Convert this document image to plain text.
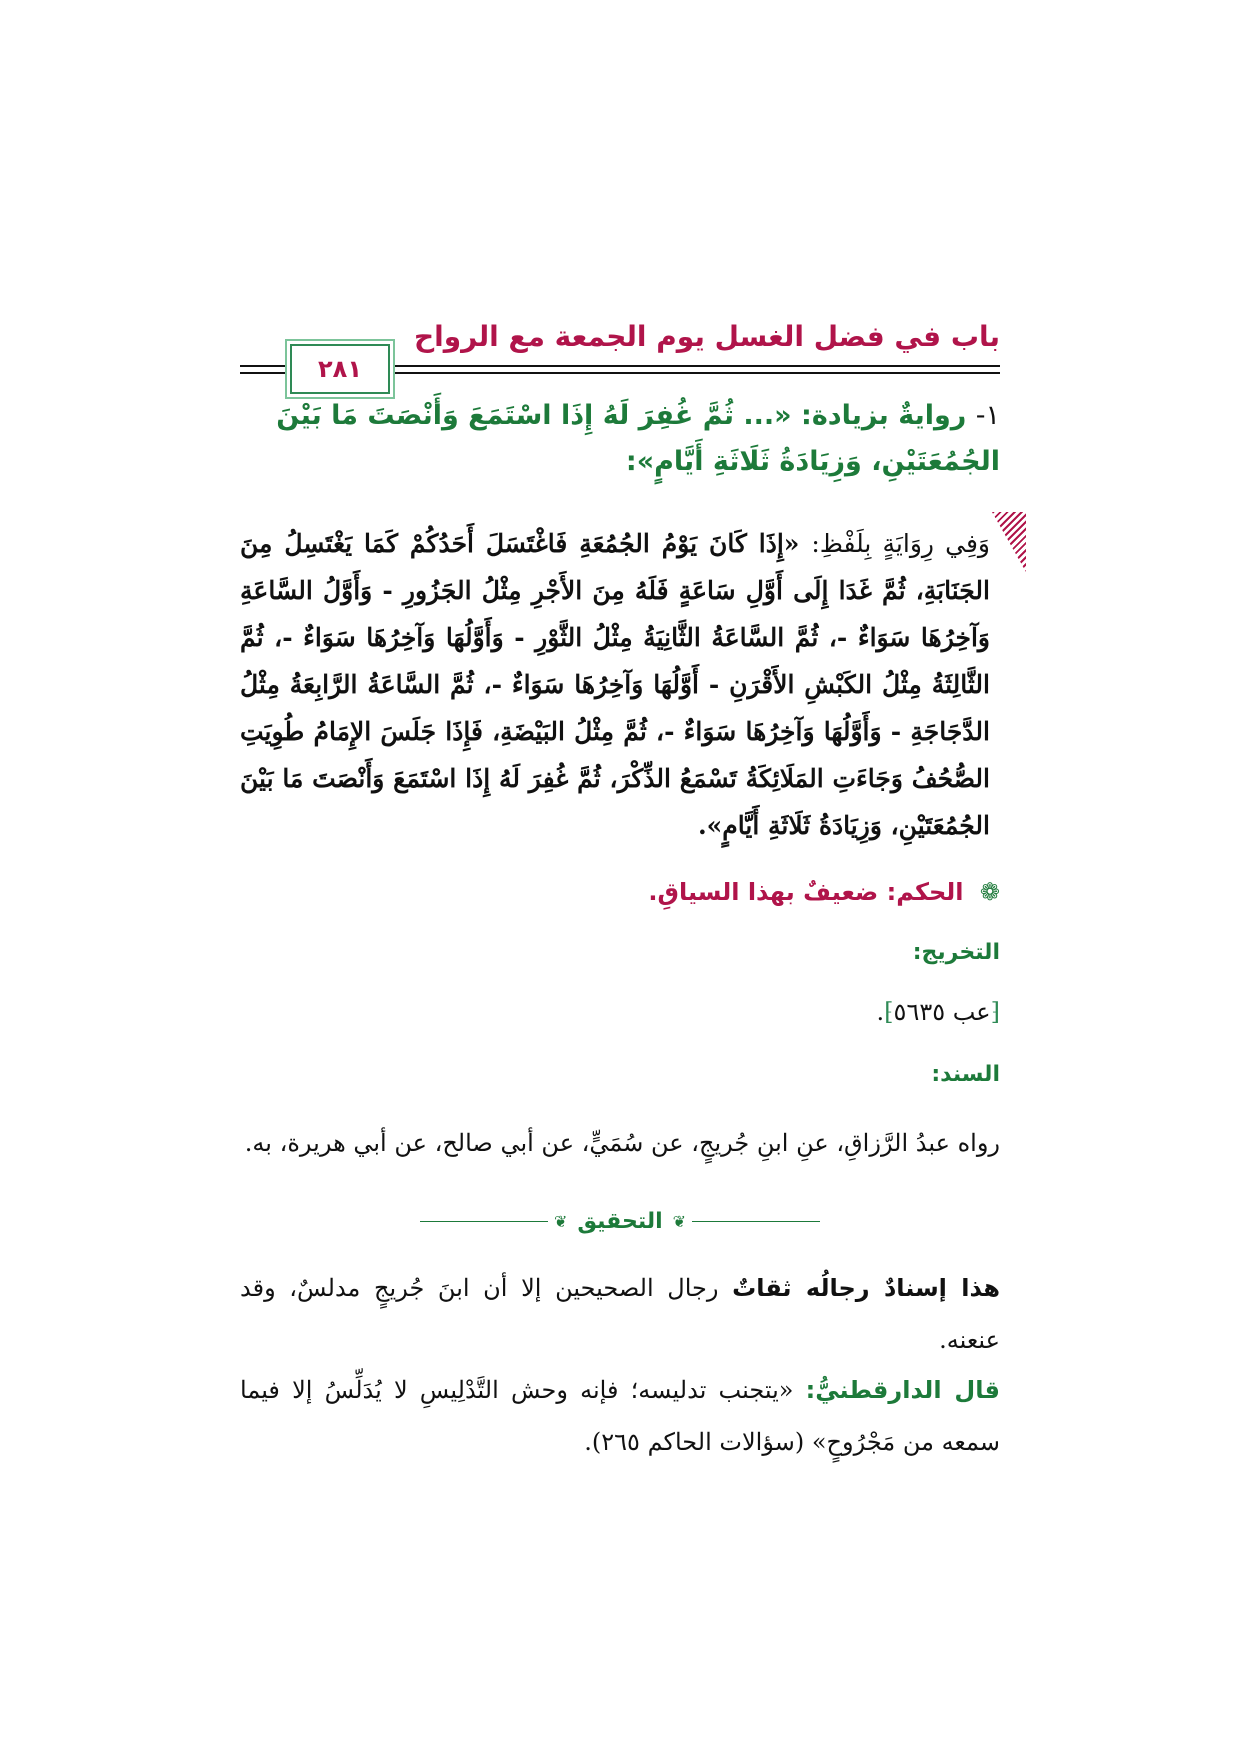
باب في فضل الغسل يوم الجمعة مع الرواح
٢٨١
١- روايةٌ بزيادة: «... ثُمَّ غُفِرَ لَهُ إِذَا اسْتَمَعَ وَأَنْصَتَ مَا بَيْنَ الجُمُعَتَيْنِ، وَزِيَادَةُ ثَلَاثَةِ أَيَّامٍ»:
وَفِي رِوَايَةٍ بِلَفْظِ: «إِذَا كَانَ يَوْمُ الجُمُعَةِ فَاغْتَسَلَ أَحَدُكُمْ كَمَا يَغْتَسِلُ مِنَ الجَنَابَةِ، ثُمَّ غَدَا إِلَى أَوَّلِ سَاعَةٍ فَلَهُ مِنَ الأَجْرِ مِثْلُ الجَزُورِ - وَأَوَّلُ السَّاعَةِ وَآخِرُهَا سَوَاءٌ -، ثُمَّ السَّاعَةُ الثَّانِيَةُ مِثْلُ الثَّوْرِ - وَأَوَّلُهَا وَآخِرُهَا سَوَاءٌ -، ثُمَّ الثَّالِثَةُ مِثْلُ الكَبْشِ الأَقْرَنِ - أَوَّلُهَا وَآخِرُهَا سَوَاءٌ -، ثُمَّ السَّاعَةُ الرَّابِعَةُ مِثْلُ الدَّجَاجَةِ - وَأَوَّلُهَا وَآخِرُهَا سَوَاءٌ -، ثُمَّ مِثْلُ البَيْضَةِ، فَإِذَا جَلَسَ الإِمَامُ طُوِيَتِ الصُّحُفُ وَجَاءَتِ المَلَائِكَةُ تَسْمَعُ الذِّكْرَ، ثُمَّ غُفِرَ لَهُ إِذَا اسْتَمَعَ وَأَنْصَتَ مَا بَيْنَ الجُمُعَتَيْنِ، وَزِيَادَةُ ثَلَاثَةِ أَيَّامٍ».
❁ الحكم: ضعيفٌ بهذا السياقِ.
التخريج:
⁅عب ٥٦٣٥⁆.
السند:
رواه عبدُ الرَّزاقِ، عنِ ابنِ جُريجٍ، عن سُمَيٍّ، عن أبي صالح، عن أبي هريرة، به.
❦
التحقيق
❦
هذا إسنادٌ رجالُه ثقاتٌ رجال الصحيحين إلا أن ابنَ جُريجٍ مدلسٌ، وقد عنعنه.
قال الدارقطنيُّ: «يتجنب تدليسه؛ فإنه وحش التَّدْلِيسِ لا يُدَلِّسُ إلا فيما سمعه من مَجْرُوحٍ» (سؤالات الحاكم ٢٦٥).
